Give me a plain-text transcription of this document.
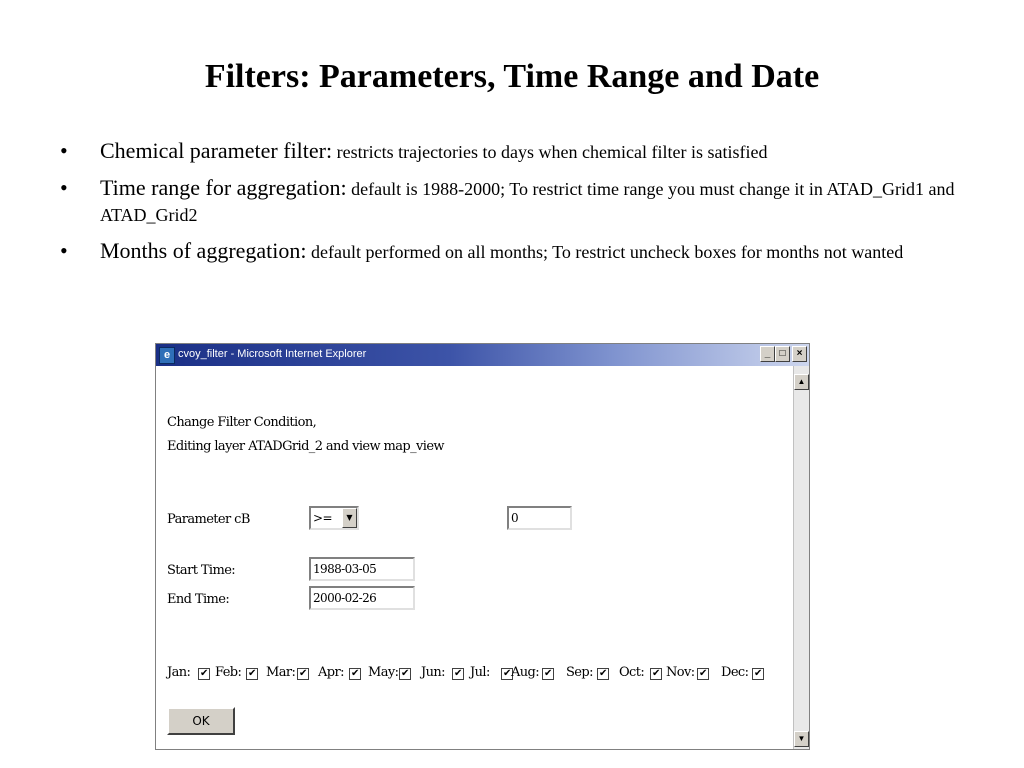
Filters: Parameters, Time Range and Date
• Chemical parameter filter: restricts trajectories to days when chemical filter is satisfied
• Time range for aggregation: default is 1988-2000; To restrict time range you must change it in ATAD_Grid1 and ATAD_Grid2
• Months of aggregation: default performed on all months; To restrict uncheck boxes for months not wanted
e cvoy_filter - Microsoft Internet Explorer	_ □	×
▲
▼
Change Filter Condition,
Editing layer ATADGrid_2 and view map_view
Parameter cB	>=	▼	0
Start Time:	1988-03-05
End Time:	2000-02-26
Jan: ✔ Feb: ✔ Mar: ✔ Apr: ✔ May: ✔ Jun: ✔ Jul: ✔ Aug: ✔ Sep: ✔ Oct: ✔ Nov: ✔ Dec: ✔
OK
